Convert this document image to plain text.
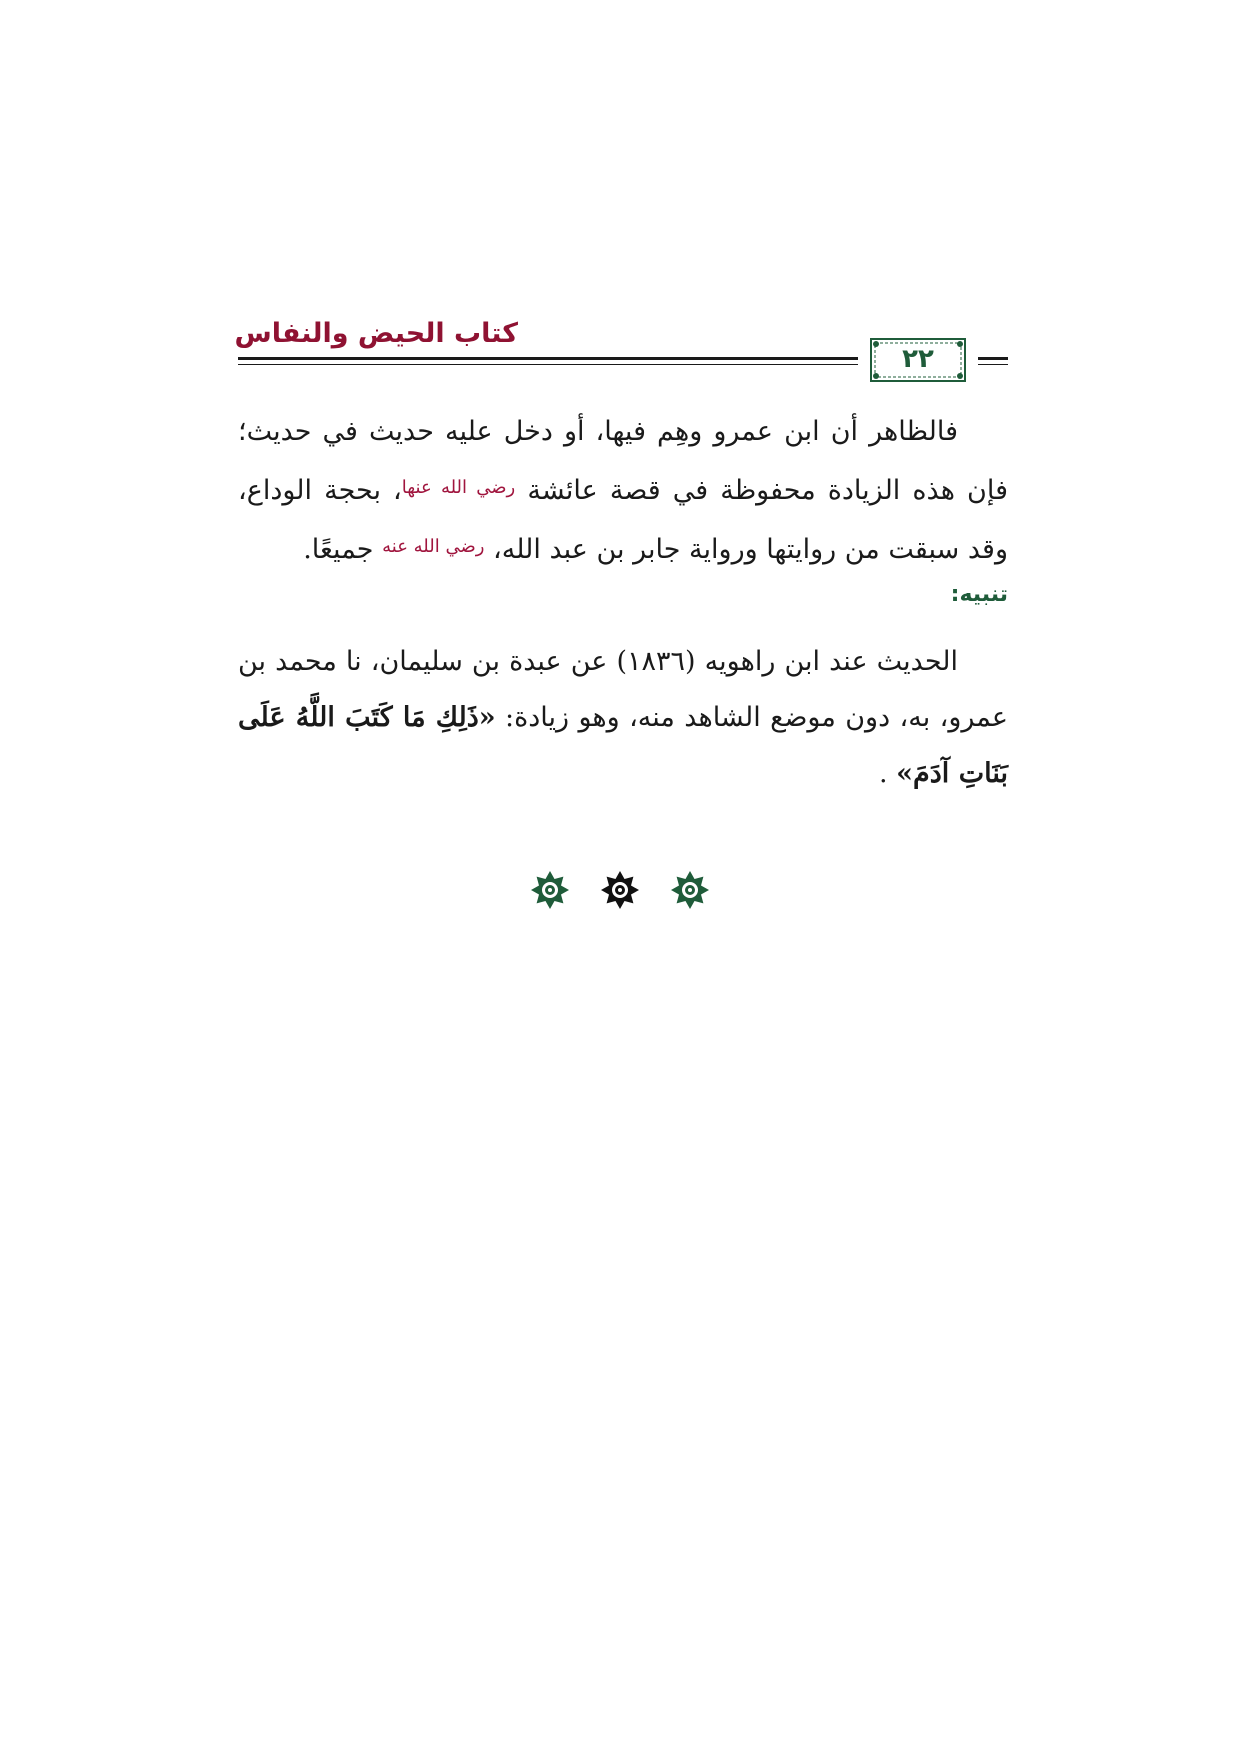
كتاب الحيض والنفاس
٢٢
فالظاهر أن ابن عمرو وهِم فيها، أو دخل عليه حديث في حديث؛ فإن هذه الزيادة محفوظة في قصة عائشة $^{رضي الله عنها}$، بحجة الوداع، وقد سبقت من روايتها ورواية جابر بن عبد الله، $^{رضي الله عنه}$ جميعًا.
تنبيه:
الحديث عند ابن راهويه (١٨٣٦) عن عبدة بن سليمان، نا محمد بن عمرو، به، دون موضع الشاهد منه، وهو زيادة: «ذَلِكِ مَا كَتَبَ اللَّهُ عَلَى بَنَاتِ آدَمَ» .
